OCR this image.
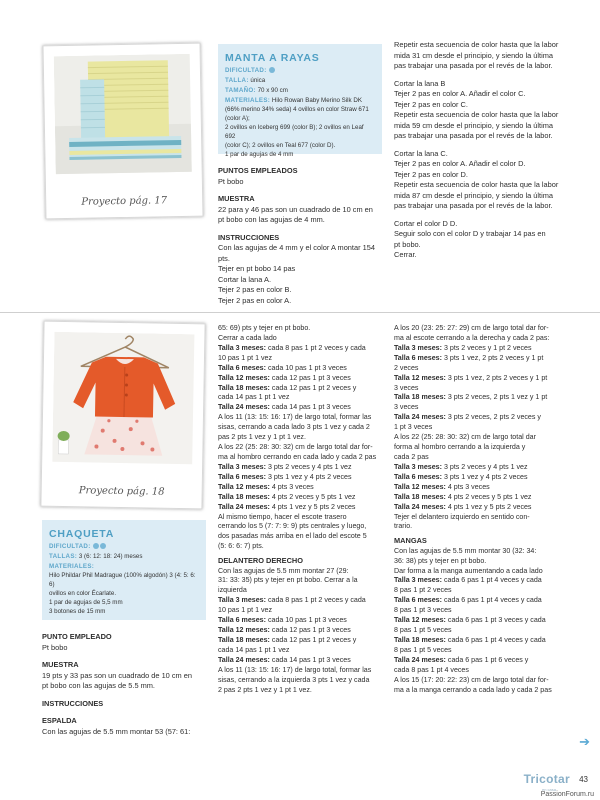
Proyecto pág. 17
MANTA A RAYAS
DIFICULTAD:
TALLA: única
TAMAÑO: 70 x 90 cm
MATERIALES: Hilo Rowan Baby Merino Silk DK
(66% merino 34% seda) 4 ovillos en color Straw 671 (color A);
2 ovillos en Iceberg 699 (color B); 2 ovillos en Leaf 692
(color C); 2 ovillos en Teal 677 (color D).
1 par de agujas de 4 mm
PUNTOS EMPLEADOS

Pt bobo

MUESTRA

22 para y 46 pas son un cuadrado de 10 cm en

pt bobo con las agujas de 4 mm.

INSTRUCCIONES

Con las agujas de 4 mm y el color A montar 154 pts.

Tejer en pt bobo 14 pas

Cortar la lana A.

Tejer 2 pas en color B.

Tejer 2 pas en color A.

Repetir esta secuencia de color hasta que la labor

mida 31 cm desde el principio, y siendo la última

pas trabajar una pasada por el revés de la labor.

Cortar la lana B

Tejer 2 pas en color A. Añadir el color C.

Tejer 2 pas en color C.

Repetir esta secuencia de color hasta que la labor

mida 59 cm desde el principio, y siendo la última

pas trabajar una pasada por el revés de la labor.

Cortar la lana C.

Tejer 2 pas en color A. Añadir el color D.

Tejer 2 pas en color D.

Repetir esta secuencia de color hasta que la labor

mida 87 cm desde el principio, y siendo la última

pas trabajar una pasada por el revés de la labor.

Cortar el color D D.

Seguir solo con el color D y trabajar 14 pas en

pt bobo.

Cerrar.

Proyecto pág. 18
CHAQUETA
DIFICULTAD:
TALLAS: 3 (6: 12: 18: 24) meses
MATERIALES:
Hilo Phildar Phil Madrague (100% algodón) 3 (4: 5: 6: 6)
ovillos en color Écarlate.
1 par de agujas de 5,5 mm
3 botones de 15 mm
PUNTO EMPLEADO

Pt bobo

MUESTRA

19 pts y 33 pas son un cuadrado de 10 cm en

pt bobo con las agujas de 5.5 mm.

INSTRUCCIONES
ESPALDA

Con las agujas de 5.5 mm montar 53 (57: 61:

65: 69) pts y tejer en pt bobo.

Cerrar a cada lado

Talla 3 meses: cada 8 pas 1 pt 2 veces y cada

10 pas 1 pt 1 vez

Talla 6 meses: cada 10 pas 1 pt 3 veces

Talla 12 meses: cada 12 pas 1 pt 3 veces

Talla 18 meses: cada 12 pas 1 pt 2 veces y

cada 14 pas 1 pt 1 vez

Talla 24 meses: cada 14 pas 1 pt 3 veces

A los 11 (13: 15: 16: 17) de largo total, formar las

sisas, cerrando a cada lado 3 pts 1 vez y cada 2

pas 2 pts 1 vez y 1 pt 1 vez.

A los 22 (25: 28: 30: 32) cm de largo total dar for-

ma al hombro cerrando en cada lado y cada 2 pas

Talla 3 meses: 3 pts 2 veces y 4 pts 1 vez

Talla 6 meses: 3 pts 1 vez y 4 pts 2 veces

Talla 12 meses: 4 pts 3 veces

Talla 18 meses: 4 pts 2 veces y 5 pts 1 vez

Talla 24 meses: 4 pts 1 vez y 5 pts 2 veces

Al mismo tiempo, hacer el escote trasero

cerrando los 5 (7: 7: 9: 9) pts centrales y luego,

dos pasadas más arriba en el lado del escote 5

(5: 6: 6: 7) pts.

DELANTERO DERECHO

Con las agujas de 5.5 mm montar 27 (29:

31: 33: 35) pts y tejer en pt bobo. Cerrar a la

izquierda

Talla 3 meses: cada 8 pas 1 pt 2 veces y cada

10 pas 1 pt 1 vez

Talla 6 meses: cada 10 pas 1 pt 3 veces

Talla 12 meses: cada 12 pas 1 pt 3 veces

Talla 18 meses: cada 12 pas 1 pt 2 veces y

cada 14 pas 1 pt 1 vez

Talla 24 meses: cada 14 pas 1 pt 3 veces

A los 11 (13: 15: 16: 17) de largo total, formar las

sisas, cerrando a la izquierda 3 pts 1 vez y cada

2 pas 2 pts 1 vez y 1 pt 1 vez.

A los 20 (23: 25: 27: 29) cm de largo total dar for-

ma al escote cerrando a la derecha y cada 2 pas:

Talla 3 meses: 3 pts 2 veces y 1 pt 2 veces

Talla 6 meses: 3 pts 1 vez, 2 pts 2 veces y 1 pt

2 veces

Talla 12 meses: 3 pts 1 vez, 2 pts 2 veces y 1 pt

3 veces

Talla 18 meses: 3 pts 2 veces, 2 pts 1 vez y 1 pt

3 veces

Talla 24 meses: 3 pts 2 veces, 2 pts 2 veces y

1 pt 3 veces

A los 22 (25: 28: 30: 32) cm de largo total dar

forma al hombro cerrando a la izquierda y

cada 2 pas

Talla 3 meses: 3 pts 2 veces y 4 pts 1 vez

Talla 6 meses: 3 pts 1 vez y 4 pts 2 veces

Talla 12 meses: 4 pts 3 veces

Talla 18 meses: 4 pts 2 veces y 5 pts 1 vez

Talla 24 meses: 4 pts 1 vez y 5 pts 2 veces

Tejer el delantero izquierdo en sentido con-

trario.

MANGAS

Con las agujas de 5.5 mm montar 30 (32: 34:

36: 38) pts y tejer en pt bobo.

Dar forma a la manga aumentando a cada lado

Talla 3 meses: cada 6 pas 1 pt 4 veces y cada

8 pas 1 pt 2 veces

Talla 6 meses: cada 6 pas 1 pt 4 veces y cada

8 pas 1 pt 3 veces

Talla 12 meses: cada 6 pas 1 pt 3 veces y cada

8 pas 1 pt 5 veces

Talla 18 meses: cada 6 pas 1 pt 4 veces y cada

8 pas 1 pt 5 veces

Talla 24 meses: cada 6 pas 1 pt 6 veces y

cada 8 pas 1 pt 4 veces

A los 15 (17: 20: 22: 23) cm de largo total dar for-

ma a la manga cerrando a cada lado y cada 2 pas

➔
Tricotar
en casa
43
PassionForum.ru
